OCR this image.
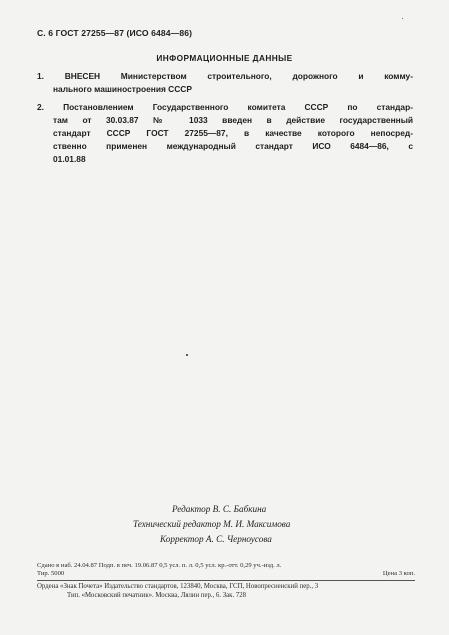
С. 6 ГОСТ 27255—87 (ИСО 6484—86)
ИНФОРМАЦИОННЫЕ ДАННЫЕ
1. ВНЕСЕН Министерством строительного, дорожного и комму-
нального машиностроения СССР
2. Постановлением Государственного комитета СССР по стандар-
там от 30.03.87 № 1033 введен в действие государственный
стандарт СССР ГОСТ 27255—87, в качестве которого непосред-
ственно применен международный стандарт ИСО 6484—86, с
01.01.88
Редактор В. С. Бабкина
Технический редактор М. И. Максимова
Корректор А. С. Черноусова
Сдано в наб. 24.04.87 Подп. в печ. 19.06.87 0,5 усл. п. л. 0,5 усл. кр.-отт. 0,29 уч.-изд. л.
Тир. 5000	Цена 3 коп.
Ордена «Знак Почета» Издательство стандартов, 123840, Москва, ГСП, Новопресненский пер., 3
Тип. «Московский печатник». Москва, Лялин пер., 6. Зак. 728
